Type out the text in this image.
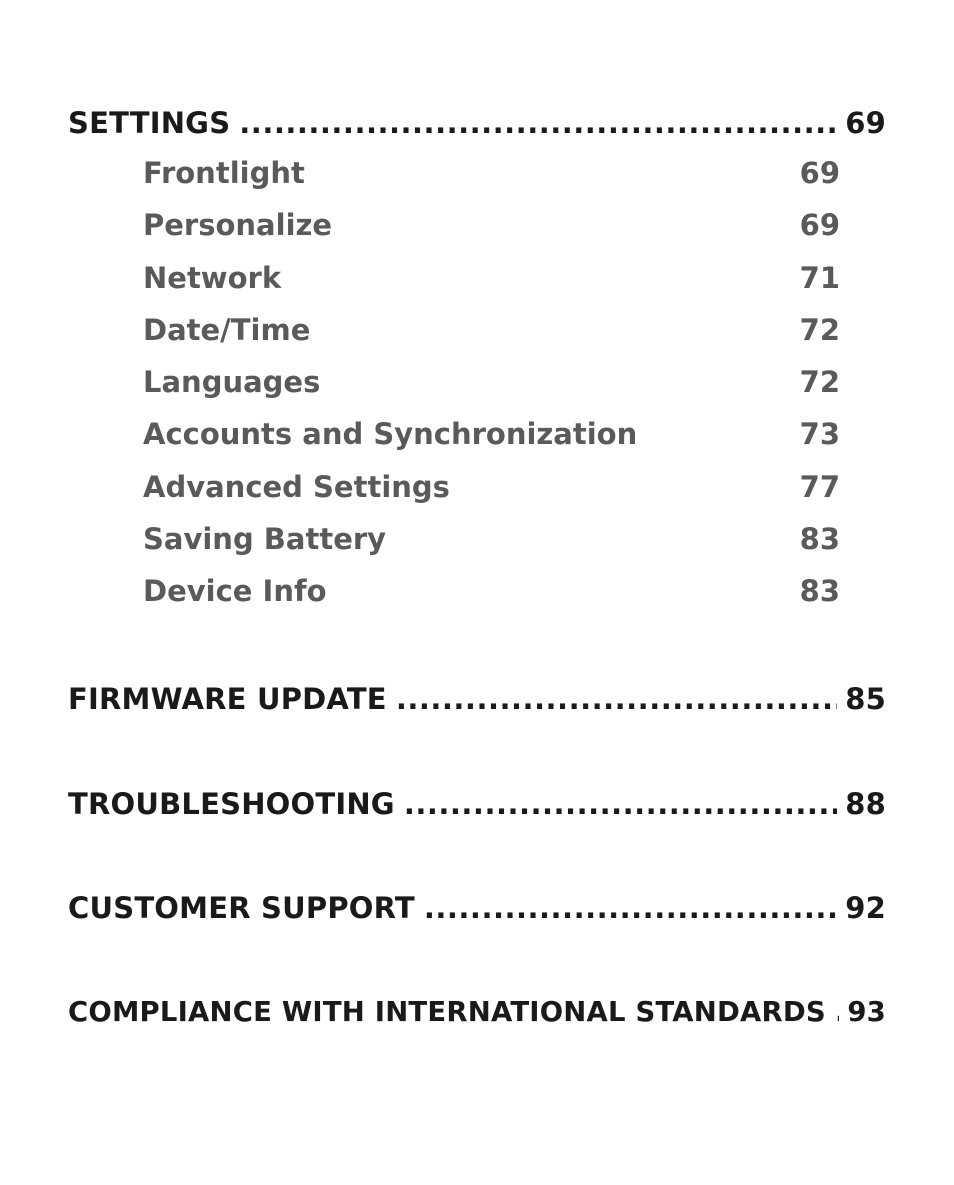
SETTINGS .....	69
Frontlight	69
Personalize	69
Network	71
Date/Time	72
Languages	72
Accounts and Synchronization	73
Advanced Settings	77
Saving Battery	83
Device Info	83
FIRMWARE UPDATE .....	85
TROUBLESHOOTING .....	88
CUSTOMER SUPPORT .....	92
COMPLIANCE WITH INTERNATIONAL STANDARDS ..... 93
